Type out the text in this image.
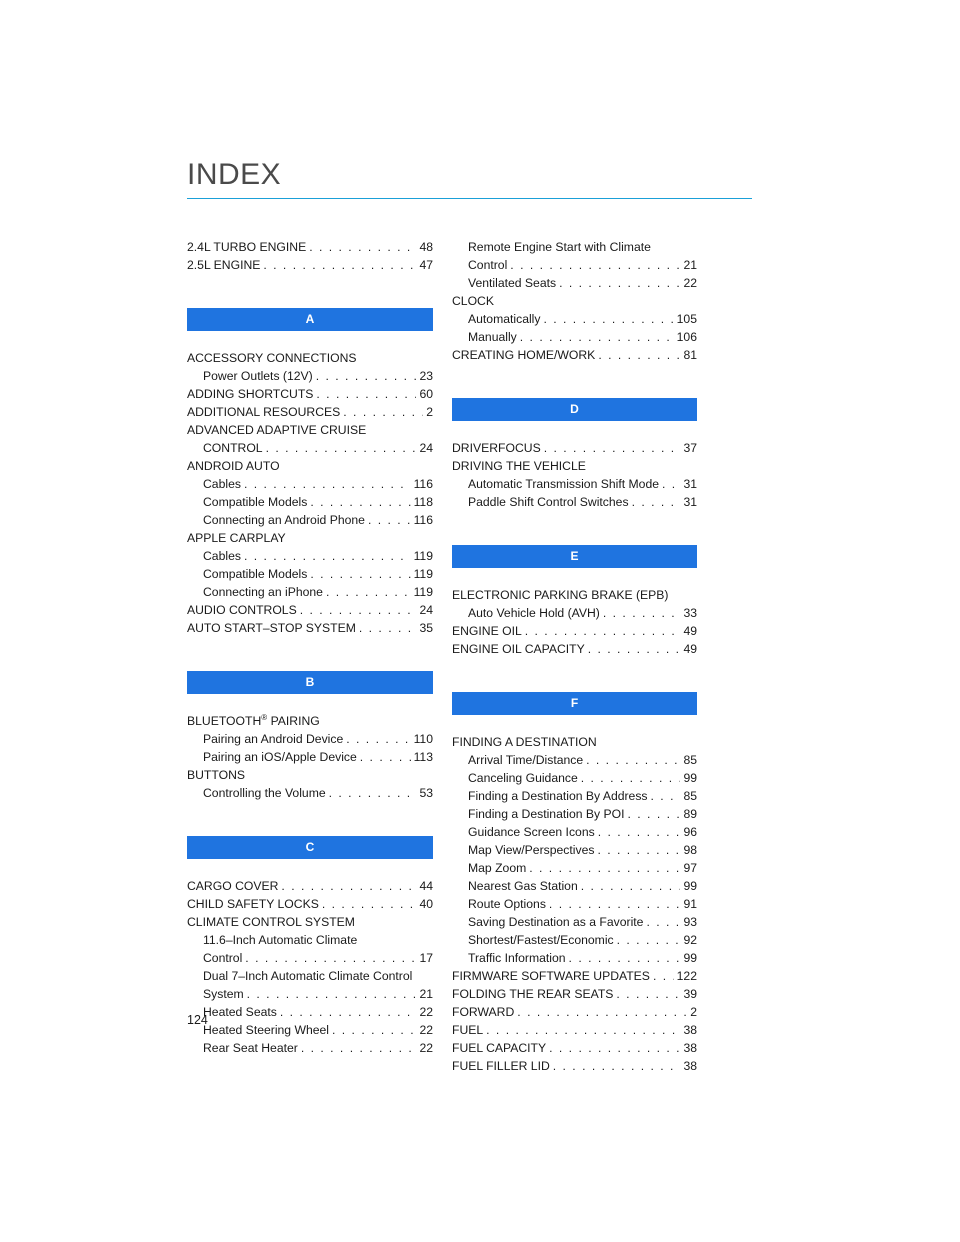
INDEX
2.4L TURBO ENGINE . . .	48
2.5L ENGINE . . .	47
A
ACCESSORY CONNECTIONS
Power Outlets (12V) . . .	23
ADDING SHORTCUTS . . .	60
ADDITIONAL RESOURCES . . .	2
ADVANCED ADAPTIVE CRUISE
CONTROL . . .	24
ANDROID AUTO
Cables . . .	116
Compatible Models . . .	118
Connecting an Android Phone . . .	116
APPLE CARPLAY
Cables . . .	119
Compatible Models . . .	119
Connecting an iPhone . . .	119
AUDIO CONTROLS . . .	24
AUTO START–STOP SYSTEM . . .	35
B
BLUETOOTH® PAIRING
Pairing an Android Device . . .	110
Pairing an iOS/Apple Device . . .	113
BUTTONS
Controlling the Volume . . .	53
C
CARGO COVER . . .	44
CHILD SAFETY LOCKS . . .	40
CLIMATE CONTROL SYSTEM
11.6–Inch Automatic Climate
Control . . .	17
Dual 7–Inch Automatic Climate Control
System . . .	21
Heated Seats . . .	22
Heated Steering Wheel . . .	22
Rear Seat Heater . . .	22
Remote Engine Start with Climate
Control . . .	21
Ventilated Seats . . .	22
CLOCK
Automatically . . .	105
Manually . . .	106
CREATING HOME/WORK . . .	81
D
DRIVERFOCUS . . .	37
DRIVING THE VEHICLE
Automatic Transmission Shift Mode . . . 31
Paddle Shift Control Switches . . .	31
E
ELECTRONIC PARKING BRAKE (EPB)
Auto Vehicle Hold (AVH) . . .	33
ENGINE OIL . . .	49
ENGINE OIL CAPACITY . . .	49
F
FINDING A DESTINATION
Arrival Time/Distance . . .	85
Canceling Guidance . . .	99
Finding a Destination By Address . . .	85
Finding a Destination By POI . . .	89
Guidance Screen Icons . . .	96
Map View/Perspectives . . .	98
Map Zoom . . .	97
Nearest Gas Station . . .	99
Route Options . . .	91
Saving Destination as a Favorite . . .	93
Shortest/Fastest/Economic . . .	92
Traffic Information . . .	99
FIRMWARE SOFTWARE UPDATES . . . 122
FOLDING THE REAR SEATS . . .	39
FORWARD . . .	2
FUEL . . .	38
FUEL CAPACITY . . .	38
FUEL FILLER LID . . .	38
124
